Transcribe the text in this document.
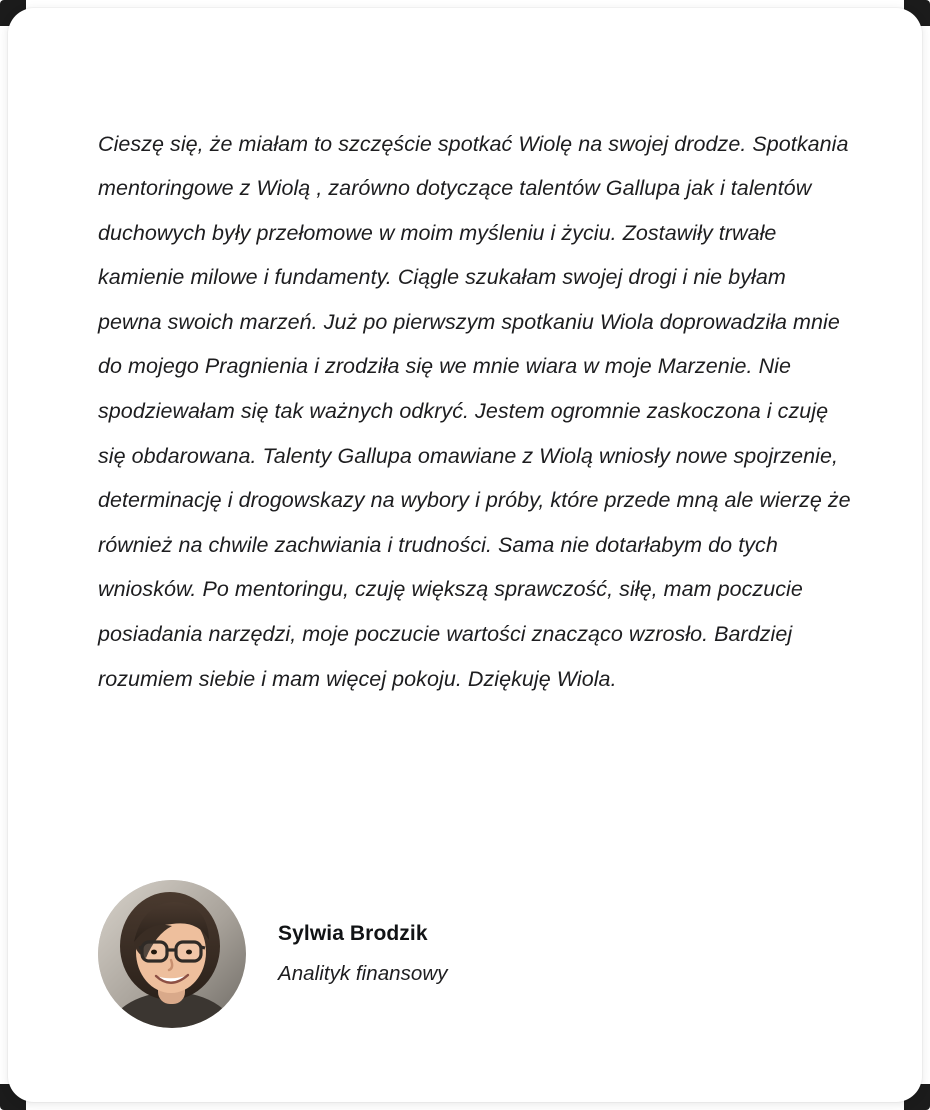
Cieszę się, że miałam to szczęście spotkać Wiolę na swojej drodze. Spotkania mentoringowe z Wiolą , zarówno dotyczące talentów Gallupa jak i talentów duchowych były przełomowe w moim myśleniu i życiu. Zostawiły trwałe kamienie milowe i fundamenty. Ciągle szukałam swojej drogi i nie byłam pewna swoich marzeń. Już po pierwszym spotkaniu Wiola doprowadziła mnie do mojego Pragnienia i zrodziła się we mnie wiara w moje Marzenie. Nie spodziewałam się tak ważnych odkryć. Jestem ogromnie zaskoczona i czuję się obdarowana. Talenty Gallupa omawiane z Wiolą wniosły nowe spojrzenie, determinację i drogowskazy na wybory i próby, które przede mną ale wierzę że również na chwile zachwiania i trudności. Sama nie dotarłabym do tych wniosków. Po mentoringu, czuję większą sprawczość, siłę, mam poczucie posiadania narzędzi, moje poczucie wartości znacząco wzrosło. Bardziej rozumiem siebie i mam więcej pokoju. Dziękuję Wiola.

Sylwia Brodzik
Analityk finansowy
